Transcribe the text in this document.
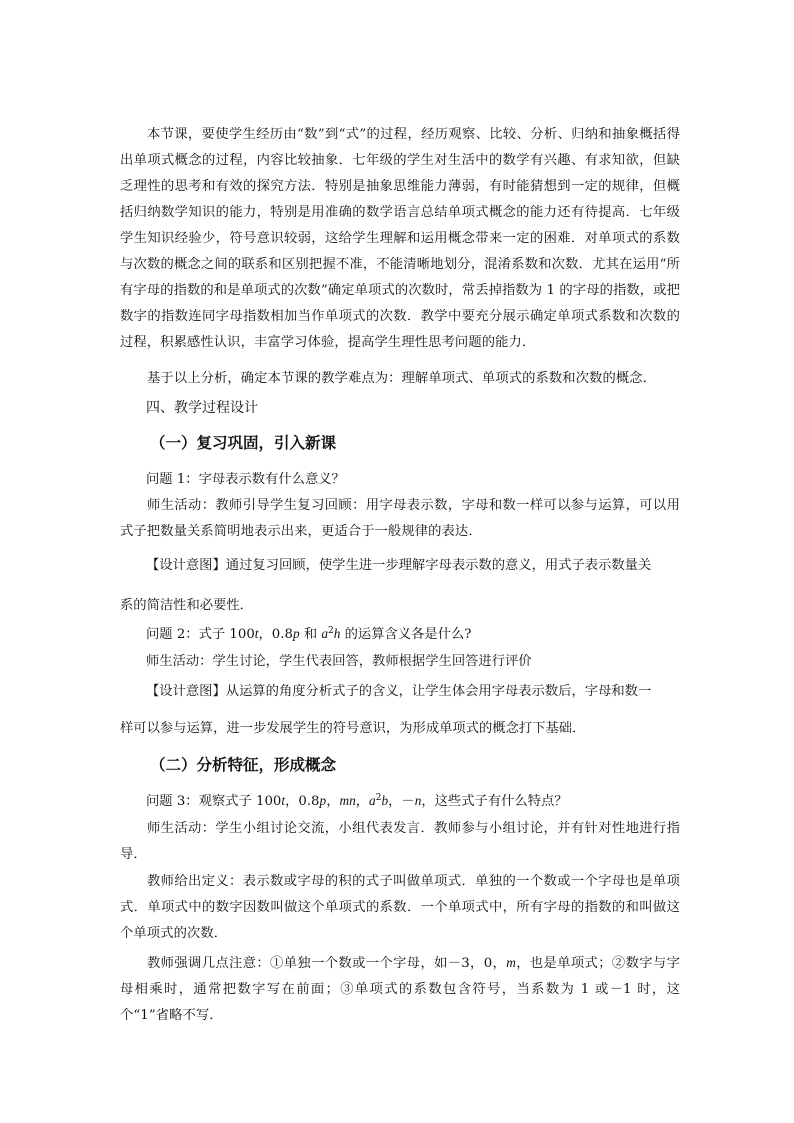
本节课，要使学生经历由“数”到“式”的过程，经历观察、比较、分析、归纳和抽象概括得出单项式概念的过程，内容比较抽象．七年级的学生对生活中的数学有兴趣、有求知欲，但缺乏理性的思考和有效的探究方法．特别是抽象思维能力薄弱，有时能猜想到一定的规律，但概括归纳数学知识的能力，特别是用准确的数学语言总结单项式概念的能力还有待提高．七年级学生知识经验少，符号意识较弱，这给学生理解和运用概念带来一定的困难．对单项式的系数与次数的概念之间的联系和区别把握不准，不能清晰地划分，混淆系数和次数．尤其在运用“所有字母的指数的和是单项式的次数”确定单项式的次数时，常丢掉指数为 1 的字母的指数，或把数字的指数连同字母指数相加当作单项式的次数．教学中要充分展示确定单项式系数和次数的过程，积累感性认识，丰富学习体验，提高学生理性思考问题的能力．

基于以上分析，确定本节课的教学难点为：理解单项式、单项式的系数和次数的概念．

四、教学过程设计

（一）复习巩固，引入新课

问题 1：字母表示数有什么意义？

师生活动：教师引导学生复习回顾：用字母表示数，字母和数一样可以参与运算，可以用式子把数量关系简明地表示出来，更适合于一般规律的表达．

【设计意图】通过复习回顾，使学生进一步理解字母表示数的意义，用式子表示数量关

系的简洁性和必要性．

问题 2：式子 100t，0.8p 和 $a^2h$ 的运算含义各是什么?

师生活动：学生讨论，学生代表回答，教师根据学生回答进行评价

【设计意图】从运算的角度分析式子的含义，让学生体会用字母表示数后，字母和数一

样可以参与运算，进一步发展学生的符号意识，为形成单项式的概念打下基础．

（二）分析特征，形成概念

问题 3：观察式子 100t，0.8p，mn，$a^2b$，－n，这些式子有什么特点？

师生活动：学生小组讨论交流，小组代表发言．教师参与小组讨论，并有针对性地进行指导．

教师给出定义：表示数或字母的积的式子叫做单项式．单独的一个数或一个字母也是单项式．单项式中的数字因数叫做这个单项式的系数．一个单项式中，所有字母的指数的和叫做这个单项式的次数．

教师强调几点注意：①单独一个数或一个字母，如－3，0，m，也是单项式；②数字与字母相乘时，通常把数字写在前面；③单项式的系数包含符号，当系数为 1 或－1 时，这个“1”省略不写．
